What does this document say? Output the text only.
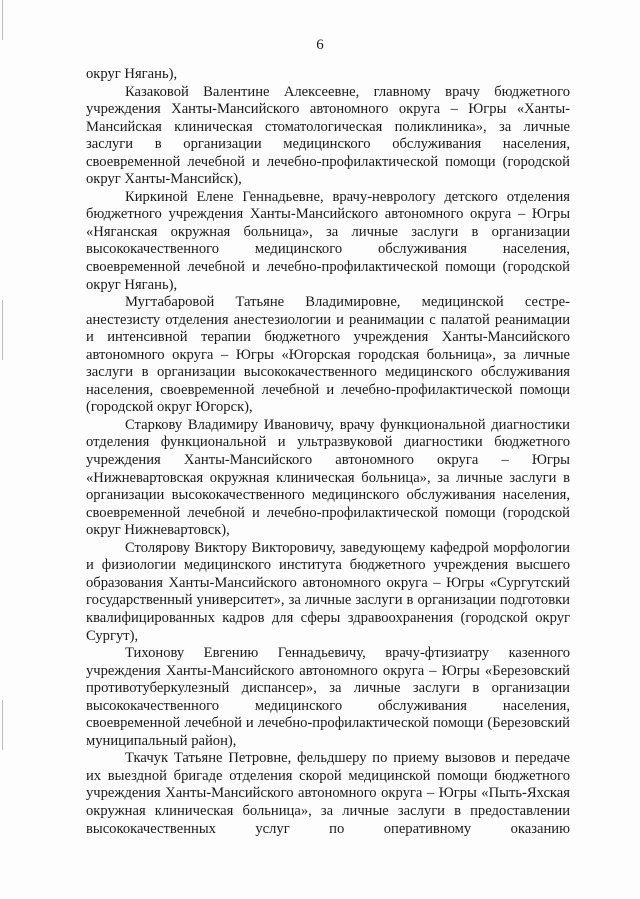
6

округ Нягань),

Казаковой Валентине Алексеевне, главному врачу бюджетного учреждения Ханты-Мансийского автономного округа – Югры «Ханты-Мансийская клиническая стоматологическая поликлиника», за личные заслуги в организации медицинского обслуживания населения, своевременной лечебной и лечебно-профилактической помощи (городской округ Ханты-Мансийск),

Киркиной Елене Геннадьевне, врачу-неврологу детского отделения бюджетного учреждения Ханты-Мансийского автономного округа – Югры «Няганская окружная больница», за личные заслуги в организации высококачественного медицинского обслуживания населения, своевременной лечебной и лечебно-профилактической помощи (городской округ Нягань),

Мугтабаровой Татьяне Владимировне, медицинской сестре-анестезисту отделения анестезиологии и реанимации с палатой реанимации и интенсивной терапии бюджетного учреждения Ханты-Мансийского автономного округа – Югры «Югорская городская больница», за личные заслуги в организации высококачественного медицинского обслуживания населения, своевременной лечебной и лечебно-профилактической помощи (городской округ Югорск),

Старкову Владимиру Ивановичу, врачу функциональной диагностики отделения функциональной и ультразвуковой диагностики бюджетного учреждения Ханты-Мансийского автономного округа – Югры «Нижневартовская окружная клиническая больница», за личные заслуги в организации высококачественного медицинского обслуживания населения, своевременной лечебной и лечебно-профилактической помощи (городской округ Нижневартовск),

Столярову Виктору Викторовичу, заведующему кафедрой морфологии и физиологии медицинского института бюджетного учреждения высшего образования Ханты-Мансийского автономного округа – Югры «Сургутский государственный университет», за личные заслуги в организации подготовки квалифицированных кадров для сферы здравоохранения (городской округ Сургут),

Тихонову Евгению Геннадьевичу, врачу-фтизиатру казенного учреждения Ханты-Мансийского автономного округа – Югры «Березовский противотуберкулезный диспансер», за личные заслуги в организации высококачественного медицинского обслуживания населения, своевременной лечебной и лечебно-профилактической помощи (Березовский муниципальный район),

Ткачук Татьяне Петровне, фельдшеру по приему вызовов и передаче их выездной бригаде отделения скорой медицинской помощи бюджетного учреждения Ханты-Мансийского автономного округа – Югры «Пыть-Яхская окружная клиническая больница», за личные заслуги в предоставлении высококачественных услуг по оперативному оказанию
